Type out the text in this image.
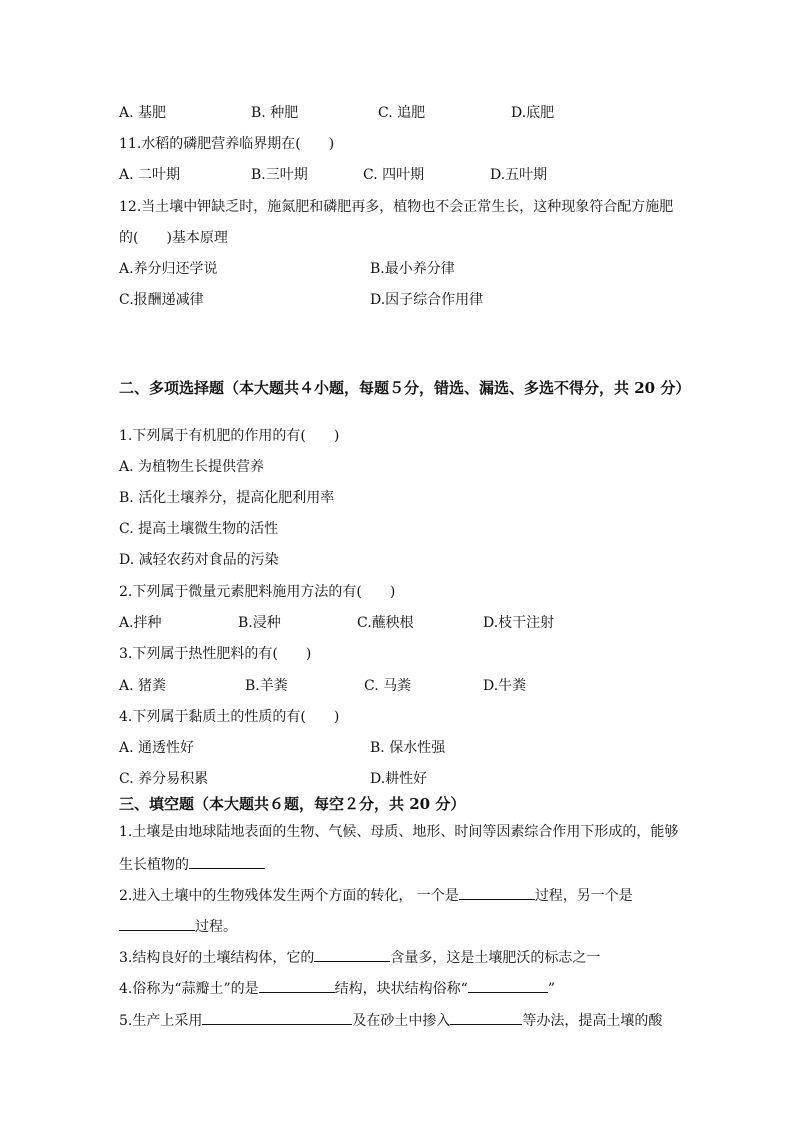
A. 基肥	B. 种肥	C. 追肥	D.底肥
11.水稻的磷肥营养临界期在(　　)
A. 二叶期	B.三叶期	C. 四叶期	D.五叶期
12.当土壤中钾缺乏时，施氮肥和磷肥再多，植物也不会正常生长，这种现象符合配方施肥
的(　　)基本原理
A.养分归还学说	B.最小养分律
C.报酬递减律	D.因子综合作用律
二、多项选择题（本大题共４小题，每题５分，错选、漏选、多选不得分，共 20 分）
1.下列属于有机肥的作用的有(　　)
A. 为植物生长提供营养
B. 活化土壤养分，提高化肥利用率
C. 提高土壤微生物的活性
D. 减轻农药对食品的污染
2.下列属于微量元素肥料施用方法的有(　　)
A.拌种	B.浸种	C.蘸秧根	D.枝干注射
3.下列属于热性肥料的有(　　)
A. 猪粪	B.羊粪	C. 马粪	D.牛粪
4.下列属于黏质土的性质的有(　　)
A. 通透性好	B. 保水性强
C. 养分易积累	D.耕性好
三、填空题（本大题共６题，每空２分，共 20 分）
1.土壤是由地球陆地表面的生物、气候、母质、地形、时间等因素综合作用下形成的，能够
生长植物的
2.进入土壤中的生物残体发生两个方面的转化， 一个是	过程，另一个是
过程。
3.结构良好的土壤结构体，它的	含量多，这是土壤肥沃的标志之一
4.俗称为“蒜瓣土”的是	结构，块状结构俗称“	”
5.生产上采用	及在砂土中掺入	等办法，提高土壤的酸
